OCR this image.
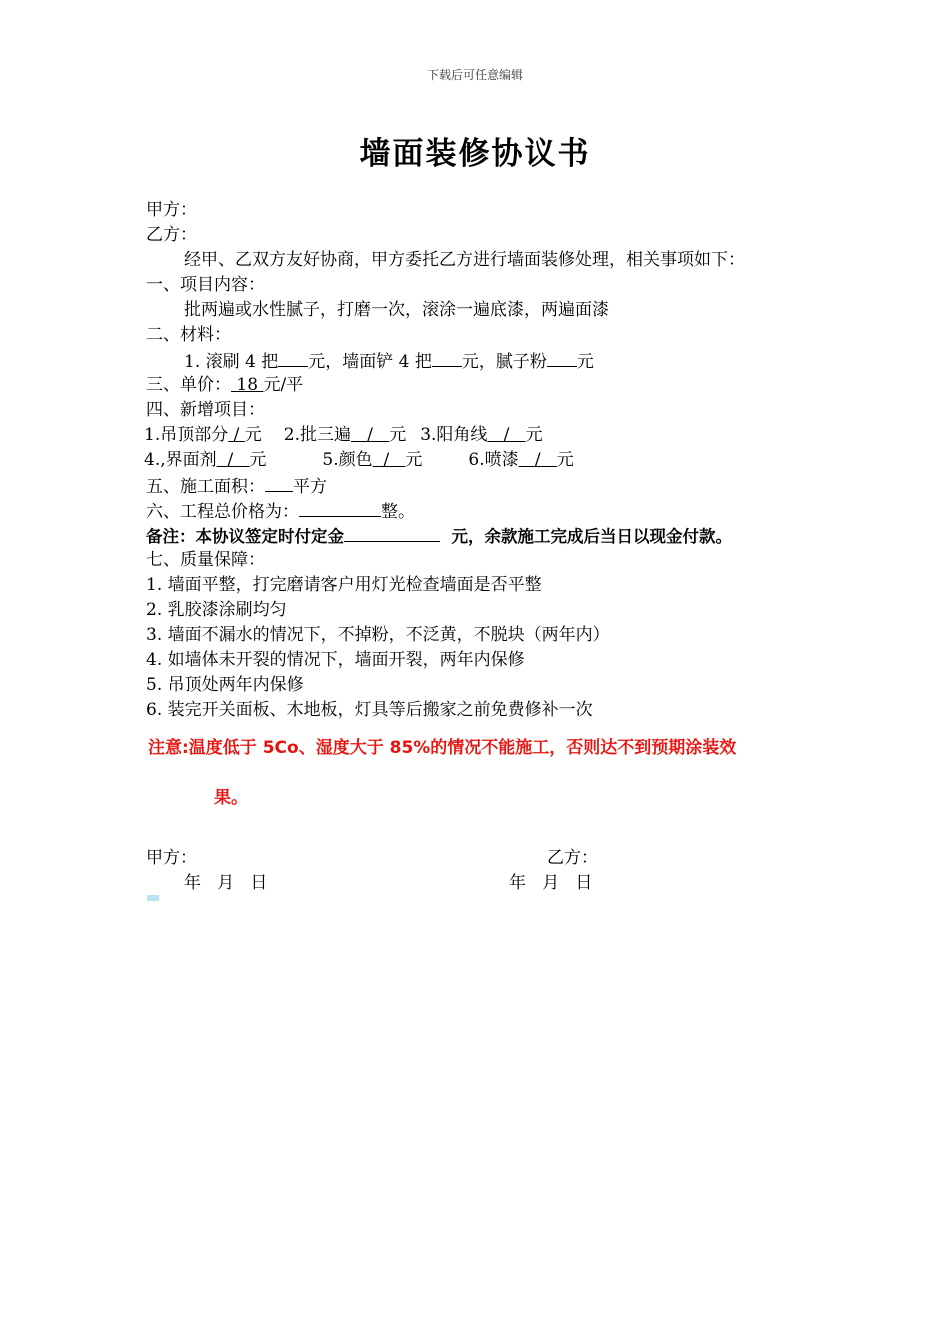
下载后可任意编辑
墙面装修协议书
甲方：
乙方：
经甲、乙双方友好协商，甲方委托乙方进行墙面装修处理，相关事项如下：
一、项目内容：
批两遍或水性腻子，打磨一次，滚涂一遍底漆，两遍面漆
二、材料：
1. 滚刷 4 把 元，墙面铲 4 把 元，腻子粉 元
三、单价： 18 元/平
四、新增项目：
1.吊顶部分 / 元 2.批三遍 / 元 3.阳角线 / 元
4.,界面剂 / 元	5.颜色 / 元	6.喷漆 / 元
五、施工面积： 平方
六、工程总价格为：	整。
备注：本协议签定时付定金	元，余款施工完成后当日以现金付款。
七、质量保障：
1. 墙面平整，打完磨请客户用灯光检查墙面是否平整
2. 乳胶漆涂刷均匀
3. 墙面不漏水的情况下，不掉粉，不泛黄，不脱块（两年内）
4. 如墙体未开裂的情况下，墙面开裂，两年内保修
5. 吊顶处两年内保修
6. 装完开关面板、木地板，灯具等后搬家之前免费修补一次
注意:温度低于 5Co、湿度大于 85%的情况不能施工，否则达不到预期涂装效
果。
甲方：	乙方：
年   月   日	年   月   日
